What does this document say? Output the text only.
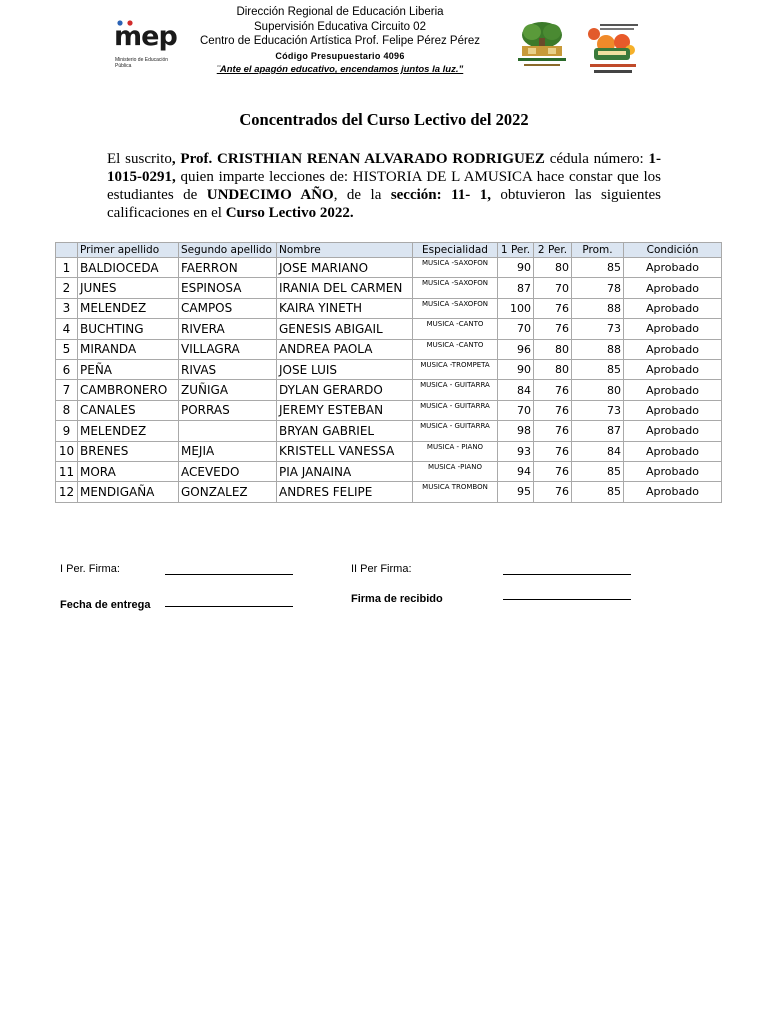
mep
Ministerio de Educación Pública
Dirección Regional de Educación Liberia
Supervisión Educativa Circuito 02
Centro de Educación Artística Prof. Felipe Pérez Pérez
Código Presupuestario 4096
¨Ante el apagón educativo, encendamos juntos la luz.”
Concentrados del Curso Lectivo del 2022
El suscrito, Prof. CRISTHIAN RENAN ALVARADO RODRIGUEZ cédula número: 1-1015-0291, quien imparte lecciones de: HISTORIA DE L AMUSICA hace constar que los estudiantes de UNDECIMO AÑO, de la sección: 11- 1, obtuvieron las siguientes calificaciones en el Curso Lectivo 2022.
	Primer apellido	Segundo apellido	Nombre	Especialidad	1 Per.	2 Per.	Prom.	Condición
1	BALDIOCEDA	FAERRON	JOSE MARIANO	MUSICA -SAXOFON	90	80	85	Aprobado
2	JUNES	ESPINOSA	IRANIA DEL CARMEN	MUSICA -SAXOFON	87	70	78	Aprobado
3	MELENDEZ	CAMPOS	KAIRA YINETH	MUSICA -SAXOFON	100	76	88	Aprobado
4	BUCHTING	RIVERA	GENESIS ABIGAIL	MUSICA -CANTO	70	76	73	Aprobado
5	MIRANDA	VILLAGRA	ANDREA PAOLA	MUSICA -CANTO	96	80	88	Aprobado
6	PEÑA	RIVAS	JOSE LUIS	MUSICA -TROMPETA	90	80	85	Aprobado
7	CAMBRONERO	ZUÑIGA	DYLAN GERARDO	MUSICA - GUITARRA	84	76	80	Aprobado
8	CANALES	PORRAS	JEREMY ESTEBAN	MUSICA - GUITARRA	70	76	73	Aprobado
9	MELENDEZ		BRYAN GABRIEL	MUSICA - GUITARRA	98	76	87	Aprobado
10	BRENES	MEJIA	KRISTELL VANESSA	MUSICA - PIANO	93	76	84	Aprobado
11	MORA	ACEVEDO	PIA JANAINA	MUSICA -PIANO	94	76	85	Aprobado
12	MENDIGAÑA	GONZALEZ	ANDRES FELIPE	MUSICA TROMBON	95	76	85	Aprobado
I Per. Firma:	II Per Firma:
Fecha de entrega	Firma de recibido
